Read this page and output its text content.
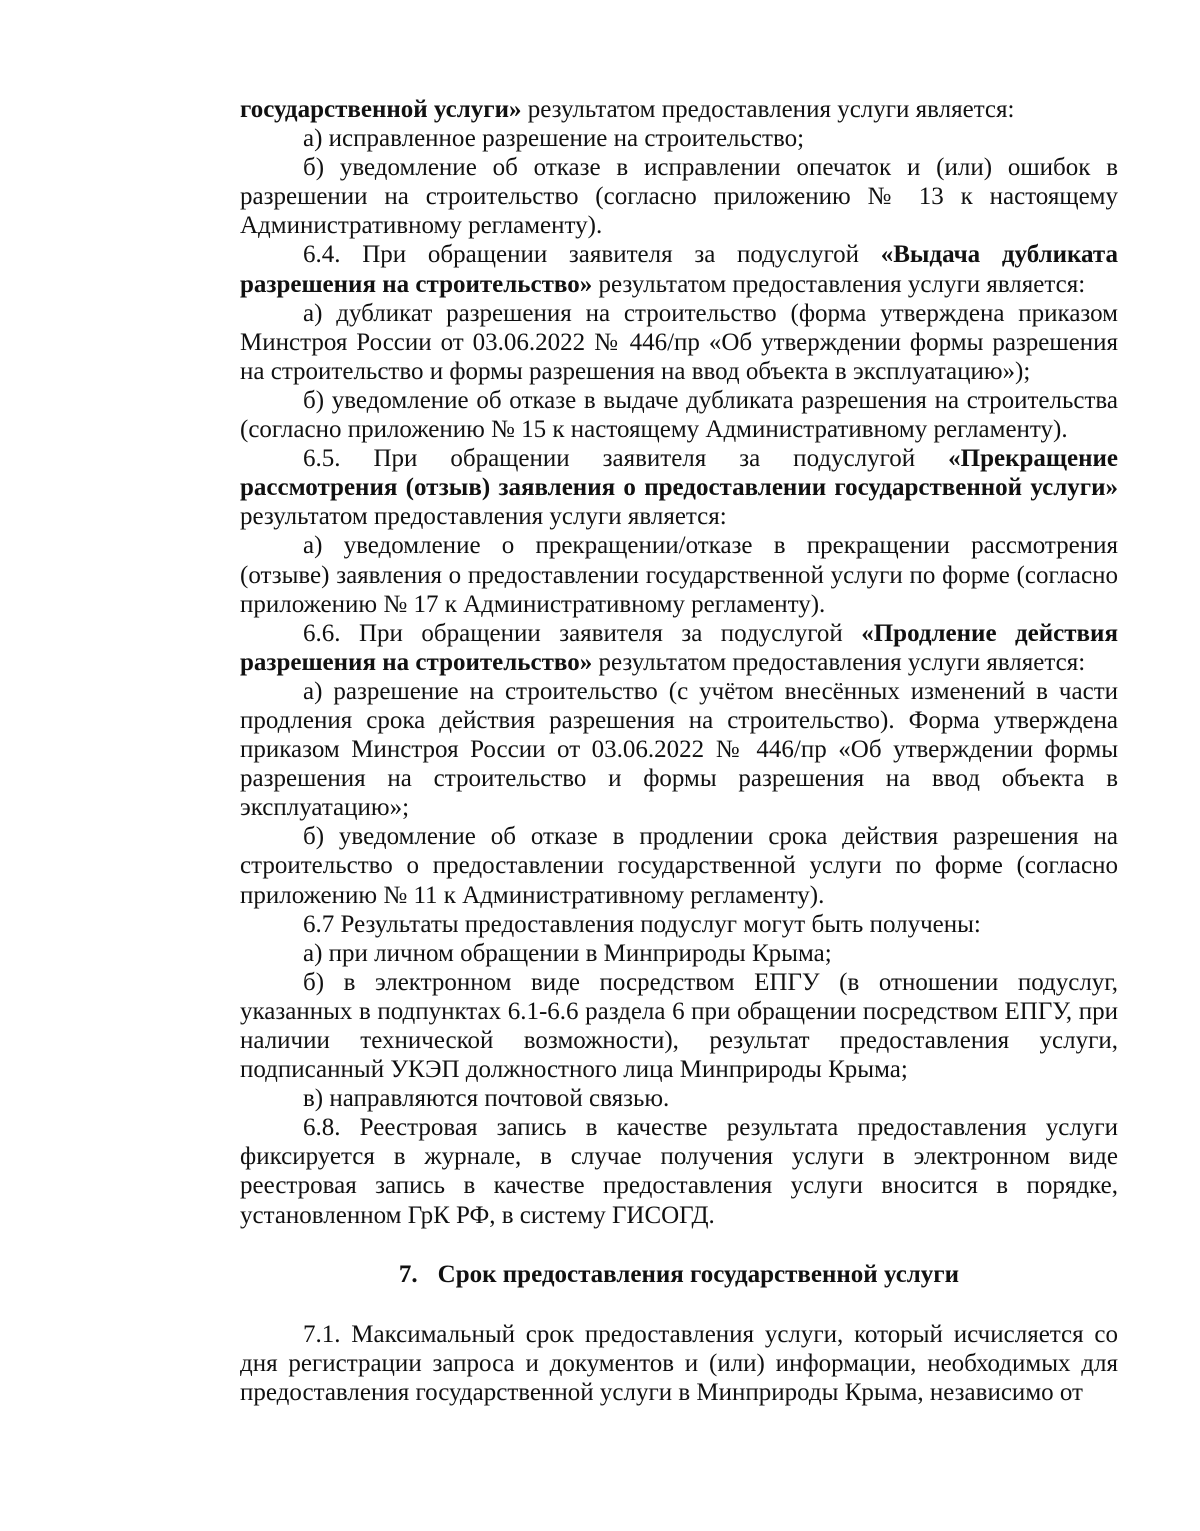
государственной услуги» результатом предоставления услуги является:

а) исправленное разрешение на строительство;

б) уведомление об отказе в исправлении опечаток и (или) ошибок в разрешении на строительство (согласно приложению № 13 к настоящему Административному регламенту).

6.4. При обращении заявителя за подуслугой «Выдача дубликата разрешения на строительство» результатом предоставления услуги является:

а) дубликат разрешения на строительство (форма утверждена приказом Минстроя России от 03.06.2022 № 446/пр «Об утверждении формы разрешения на строительство и формы разрешения на ввод объекта в эксплуатацию»);

б) уведомление об отказе в выдаче дубликата разрешения на строительства (согласно приложению № 15 к настоящему Административному регламенту).

6.5. При обращении заявителя за подуслугой «Прекращение рассмотрения (отзыв) заявления о предоставлении государственной услуги» результатом предоставления услуги является:

а) уведомление о прекращении/отказе в прекращении рассмотрения (отзыве) заявления о предоставлении государственной услуги по форме (согласно приложению № 17 к Административному регламенту).

6.6. При обращении заявителя за подуслугой «Продление действия разрешения на строительство» результатом предоставления услуги является:

а) разрешение на строительство (с учётом внесённых изменений в части продления срока действия разрешения на строительство). Форма утверждена приказом Минстроя России от 03.06.2022 № 446/пр «Об утверждении формы разрешения на строительство и формы разрешения на ввод объекта в эксплуатацию»;

б) уведомление об отказе в продлении срока действия разрешения на строительство о предоставлении государственной услуги по форме (согласно приложению № 11 к Административному регламенту).

6.7 Результаты предоставления подуслуг могут быть получены:

а) при личном обращении в Минприроды Крыма;

б) в электронном виде посредством ЕПГУ (в отношении подуслуг, указанных в подпунктах 6.1-6.6 раздела 6 при обращении посредством ЕПГУ, при наличии технической возможности), результат предоставления услуги, подписанный УКЭП должностного лица Минприроды Крыма;

в) направляются почтовой связью.

6.8. Реестровая запись в качестве результата предоставления услуги фиксируется в журнале, в случае получения услуги в электронном виде реестровая запись в качестве предоставления услуги вносится в порядке, установленном ГрК РФ, в систему ГИСОГД.

7. Срок предоставления государственной услуги

7.1. Максимальный срок предоставления услуги, который исчисляется со дня регистрации запроса и документов и (или) информации, необходимых для предоставления государственной услуги в Минприроды Крыма, независимо от
